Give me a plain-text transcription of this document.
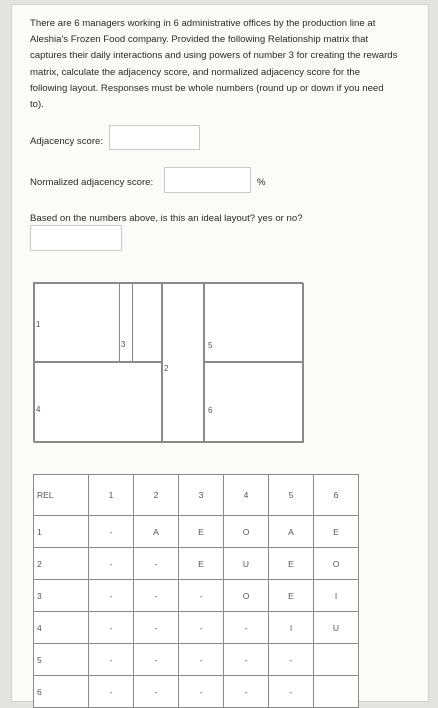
There are 6 managers working in 6 administrative offices by the production line at Aleshia's Frozen Food company. Provided the following Relationship matrix that captures their daily interactions and using powers of number 3 for creating the rewards matrix, calculate the adjacency score, and normalized adjacency score for the following layout. Responses must be whole numbers (round up or down if you need to).
Adjacency score:
Normalized adjacency score:	%
Based on the numbers above, is this an ideal layout? yes or no?
1
3
2
5
4	6
REL	1	2	3	4	5	6
1	-	A	E	O	A	E
2	-	-	E	U	E	O
3	-	-	-	O	E	I
4	-	-	-	-	I	U
5	-	-	-	-	-	
6	-	-	-	-	-	
